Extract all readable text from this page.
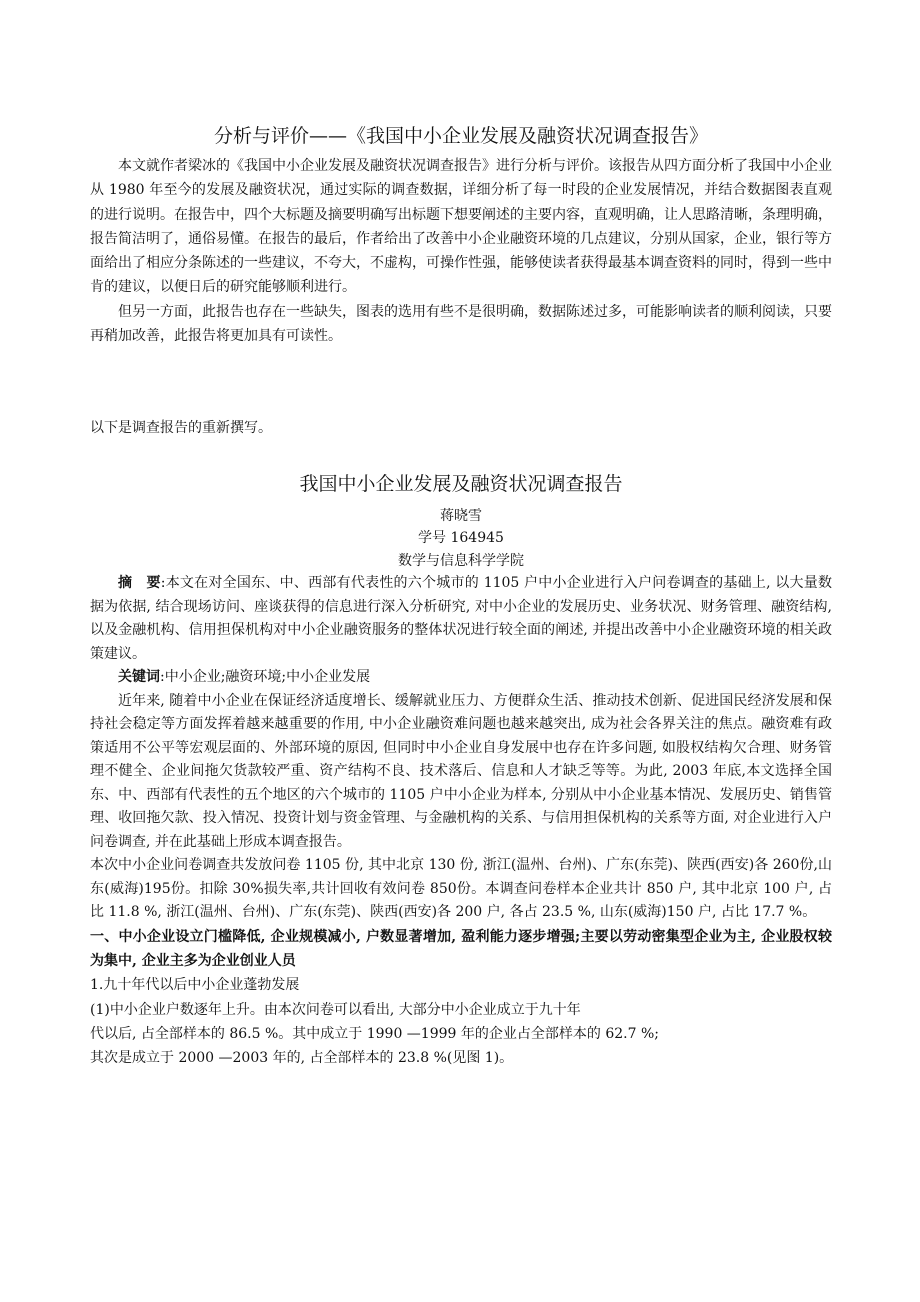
分析与评价——《我国中小企业发展及融资状况调查报告》

本文就作者梁冰的《我国中小企业发展及融资状况调查报告》进行分析与评价。该报告从四方面分析了我国中小企业从 1980 年至今的发展及融资状况，通过实际的调查数据，详细分析了每一时段的企业发展情况，并结合数据图表直观的进行说明。在报告中，四个大标题及摘要明确写出标题下想要阐述的主要内容，直观明确，让人思路清晰，条理明确，报告简洁明了，通俗易懂。在报告的最后，作者给出了改善中小企业融资环境的几点建议，分别从国家，企业，银行等方面给出了相应分条陈述的一些建议，不夸大，不虚构，可操作性强，能够使读者获得最基本调查资料的同时，得到一些中肯的建议，以便日后的研究能够顺利进行。

但另一方面，此报告也存在一些缺失，图表的选用有些不是很明确，数据陈述过多，可能影响读者的顺利阅读，只要再稍加改善，此报告将更加具有可读性。

以下是调查报告的重新撰写。

我国中小企业发展及融资状况调查报告
蒋晓雪
学号 164945
数学与信息科学学院

摘　要:本文在对全国东、中、西部有代表性的六个城市的 1105 户中小企业进行入户问卷调查的基础上, 以大量数据为依据, 结合现场访问、座谈获得的信息进行深入分析研究, 对中小企业的发展历史、业务状况、财务管理、融资结构, 以及金融机构、信用担保机构对中小企业融资服务的整体状况进行较全面的阐述, 并提出改善中小企业融资环境的相关政策建议。

关键词:中小企业;融资环境;中小企业发展

近年来, 随着中小企业在保证经济适度增长、缓解就业压力、方便群众生活、推动技术创新、促进国民经济发展和保持社会稳定等方面发挥着越来越重要的作用, 中小企业融资难问题也越来越突出, 成为社会各界关注的焦点。融资难有政策适用不公平等宏观层面的、外部环境的原因, 但同时中小企业自身发展中也存在许多问题, 如股权结构欠合理、财务管理不健全、企业间拖欠货款较严重、资产结构不良、技术落后、信息和人才缺乏等等。为此, 2003 年底,本文选择全国东、中、西部有代表性的五个地区的六个城市的 1105 户中小企业为样本, 分别从中小企业基本情况、发展历史、销售管理、收回拖欠款、投入情况、投资计划与资金管理、与金融机构的关系、与信用担保机构的关系等方面, 对企业进行入户问卷调查, 并在此基础上形成本调查报告。

本次中小企业问卷调查共发放问卷 1105 份, 其中北京 130 份, 浙江(温州、台州)、广东(东莞)、陕西(西安)各 260份,山东(威海)195份。扣除 30%损失率,共计回收有效问卷 850份。本调查问卷样本企业共计 850 户, 其中北京 100 户, 占比 11.8 %, 浙江(温州、台州)、广东(东莞)、陕西(西安)各 200 户, 各占 23.5 %, 山东(威海)150 户, 占比 17.7 %。

一、中小企业设立门槛降低, 企业规模减小, 户数显著增加, 盈利能力逐步增强;主要以劳动密集型企业为主, 企业股权较为集中, 企业主多为企业创业人员

1.九十年代以后中小企业蓬勃发展

(1)中小企业户数逐年上升。由本次问卷可以看出, 大部分中小企业成立于九十年

代以后, 占全部样本的 86.5 %。其中成立于 1990 —1999 年的企业占全部样本的 62.7 %;

其次是成立于 2000 —2003 年的, 占全部样本的 23.8 %(见图 1)。
